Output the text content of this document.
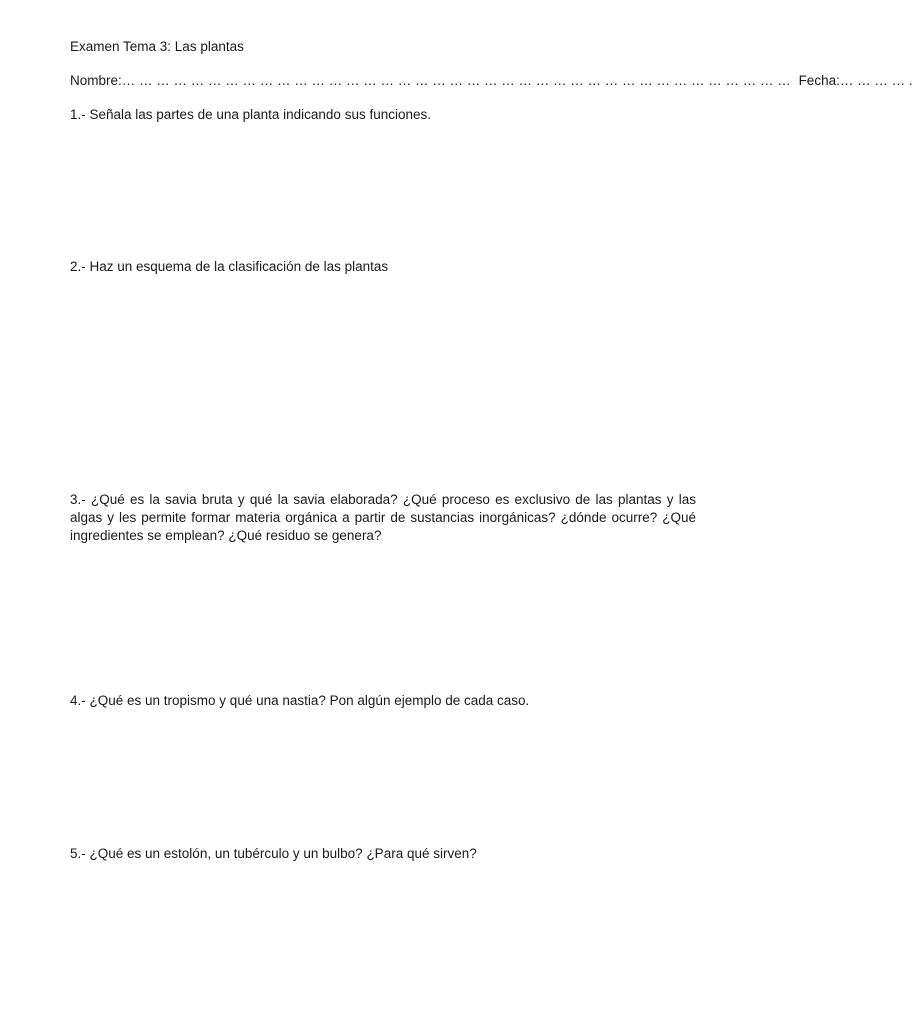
Examen Tema 3: Las plantas
Nombre:… … … … … … … … … … … … … … … … … … … … … … … … … … … … … … … … … … … … … … … Fecha:… … … … .
1.- Señala las partes de una planta indicando sus funciones.
2.- Haz un esquema de la clasificación de las plantas
3.- ¿Qué es la savia bruta y qué la savia elaborada? ¿Qué proceso es exclusivo de las plantas y las algas y les permite formar materia orgánica a partir de sustancias inorgánicas? ¿dónde ocurre? ¿Qué ingredientes se emplean? ¿Qué residuo se genera?
4.- ¿Qué es un tropismo y qué una nastia? Pon algún ejemplo de cada caso.
5.- ¿Qué es un estolón, un tubérculo y un bulbo? ¿Para qué sirven?
